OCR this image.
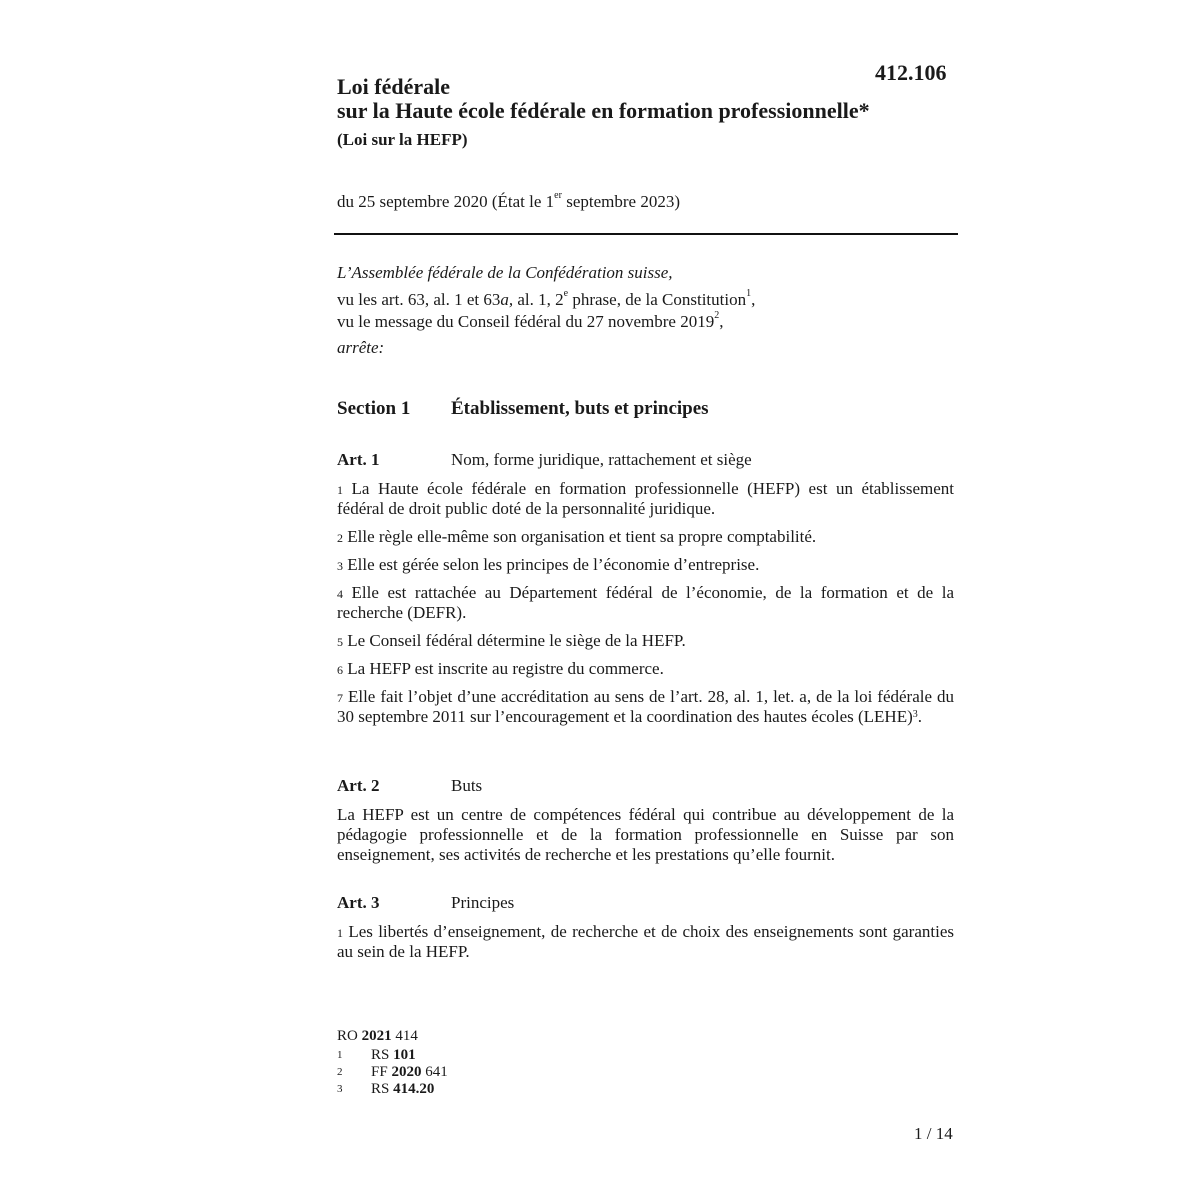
412.106
Loi fédérale
sur la Haute école fédérale en formation professionnelle*
(Loi sur la HEFP)
du 25 septembre 2020 (État le 1er septembre 2023)
L’Assemblée fédérale de la Confédération suisse,
vu les art. 63, al. 1 et 63a, al. 1, 2e phrase, de la Constitution$^1$,
vu le message du Conseil fédéral du 27 novembre 2019$^2$,
arrête:
Section 1 Établissement, buts et principes
Art. 1	Nom, forme juridique, rattachement et siège
$^1$ La Haute école fédérale en formation professionnelle (HEFP) est un établissement fédéral de droit public doté de la personnalité juridique.
$^2$ Elle règle elle-même son organisation et tient sa propre comptabilité.
$^3$ Elle est gérée selon les principes de l’économie d’entreprise.
$^4$ Elle est rattachée au Département fédéral de l’économie, de la formation et de la recherche (DEFR).
$^5$ Le Conseil fédéral détermine le siège de la HEFP.
$^6$ La HEFP est inscrite au registre du commerce.
$^7$ Elle fait l’objet d’une accréditation au sens de l’art. 28, al. 1, let. a, de la loi fédérale du 30 septembre 2011 sur l’encouragement et la coordination des hautes écoles (LEHE)$^3$.
Art. 2	Buts
La HEFP est un centre de compétences fédéral qui contribue au développement de la pédagogie professionnelle et de la formation professionnelle en Suisse par son enseignement, ses activités de recherche et les prestations qu’elle fournit.
Art. 3	Principes
$^1$ Les libertés d’enseignement, de recherche et de choix des enseignements sont garanties au sein de la HEFP.
RO 2021 414
$^1$ RS 101
$^2$ FF 2020 641
$^3$ RS 414.20
1 / 14
